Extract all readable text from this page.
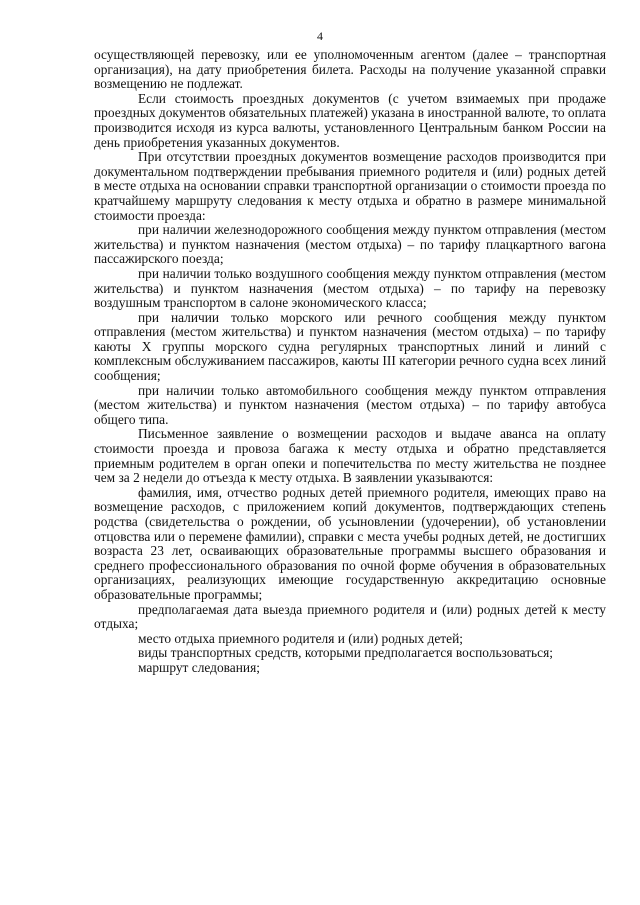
4

осуществляющей перевозку, или ее уполномоченным агентом (далее – транспортная организация), на дату приобретения билета. Расходы на получение указанной справки возмещению не подлежат.

Если стоимость проездных документов (с учетом взимаемых при продаже проездных документов обязательных платежей) указана в иностранной валюте, то оплата производится исходя из курса валюты, установленного Центральным банком России на день приобретения указанных документов.

При отсутствии проездных документов возмещение расходов производится при документальном подтверждении пребывания приемного родителя и (или) родных детей в месте отдыха на основании справки транспортной организации о стоимости проезда по кратчайшему маршруту следования к месту отдыха и обратно в размере минимальной стоимости проезда:

при наличии железнодорожного сообщения между пунктом отправления (местом жительства) и пунктом назначения (местом отдыха) – по тарифу плацкартного вагона пассажирского поезда;

при наличии только воздушного сообщения между пунктом отправления (местом жительства) и пунктом назначения (местом отдыха) – по тарифу на перевозку воздушным транспортом в салоне экономического класса;

при наличии только морского или речного сообщения между пунктом отправления (местом жительства) и пунктом назначения (местом отдыха) – по тарифу каюты X группы морского судна регулярных транспортных линий и линий с комплексным обслуживанием пассажиров, каюты III категории речного судна всех линий сообщения;

при наличии только автомобильного сообщения между пунктом отправления (местом жительства) и пунктом назначения (местом отдыха) – по тарифу автобуса общего типа.

Письменное заявление о возмещении расходов и выдаче аванса на оплату стоимости проезда и провоза багажа к месту отдыха и обратно представляется приемным родителем в орган опеки и попечительства по месту жительства не позднее чем за 2 недели до отъезда к месту отдыха. В заявлении указываются:

фамилия, имя, отчество родных детей приемного родителя, имеющих право на возмещение расходов, с приложением копий документов, подтверждающих степень родства (свидетельства о рождении, об усыновлении (удочерении), об установлении отцовства или о перемене фамилии), справки с места учебы родных детей, не достигших возраста 23 лет, осваивающих образовательные программы высшего образования и среднего профессионального образования по очной форме обучения в образовательных организациях, реализующих имеющие государственную аккредитацию основные образовательные программы;

предполагаемая дата выезда приемного родителя и (или) родных детей к месту отдыха;

место отдыха приемного родителя и (или) родных детей;

виды транспортных средств, которыми предполагается воспользоваться;

маршрут следования;
